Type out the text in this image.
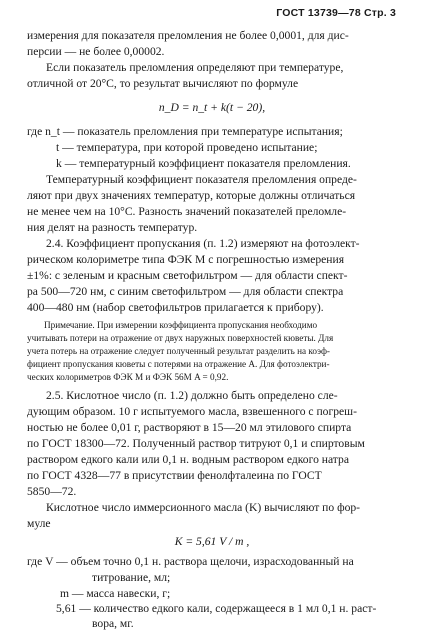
ГОСТ 13739—78 Стр. 3
измерения для показателя преломления не более 0,0001, для дис-
персии — не более 0,00002.
Если показатель преломления определяют при температуре,
отличной от 20°C, то результат вычисляют по формуле
n_D = n_t + k(t − 20),
где n_t — показатель преломления при температуре испытания;
t — температура, при которой проведено испытание;
k — температурный коэффициент показателя преломления.
Температурный коэффициент показателя преломления опреде-
ляют при двух значениях температур, которые должны отличаться
не менее чем на 10°C. Разность значений показателей преломле-
ния делят на разность температур.
2.4. Коэффициент пропускания (п. 1.2) измеряют на фотоэлект-
рическом колориметре типа ФЭК М с погрешностью измерения
±1%: с зеленым и красным светофильтром — для области спект-
ра 500—720 нм, с синим светофильтром — для области спектра
400—480 нм (набор светофильтров прилагается к прибору).
Примечание. При измерении коэффициента пропускания необходимо
учитывать потери на отражение от двух наружных поверхностей кюветы. Для
учета потерь на отражение следует полученный результат разделить на коэф-
фициент пропускания кюветы с потерями на отражение A. Для фотоэлектри-
ческих колориметров ФЭК М и ФЭК 56М A = 0,92.
2.5. Кислотное число (п. 1.2) должно быть определено сле-
дующим образом. 10 г испытуемого масла, взвешенного с погреш-
ностью не более 0,01 г, растворяют в 15—20 мл этилового спирта
по ГОСТ 18300—72. Полученный раствор титруют 0,1 и спиртовым
раствором едкого кали или 0,1 н. водным раствором едкого натра
по ГОСТ 4328—77 в присутствии фенолфталеина по ГОСТ
5850—72.
Кислотное число иммерсионного масла (K) вычисляют по фор-
муле
K = 5,61 V / m ,
где V — объем точно 0,1 н. раствора щелочи, израсходованный на
титрование, мл;
m — масса навески, г;
5,61 — количество едкого кали, содержащееся в 1 мл 0,1 н. раст-
вора, мг.
